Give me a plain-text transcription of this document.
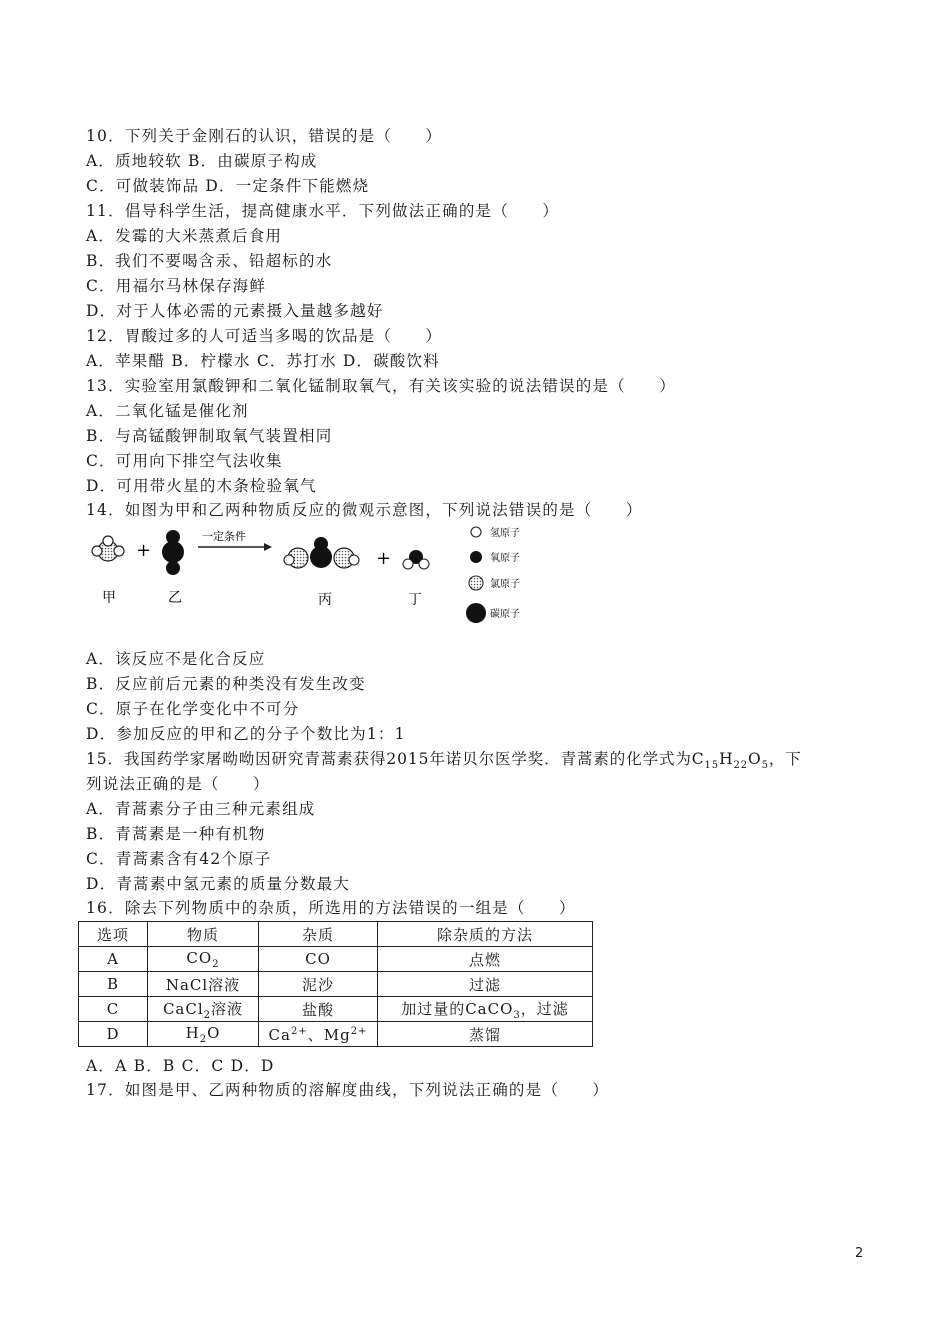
10．下列关于金刚石的认识，错误的是（　　）
A．质地较软 B．由碳原子构成
C．可做装饰品 D．一定条件下能燃烧
11．倡导科学生活，提高健康水平．下列做法正确的是（　　）
A．发霉的大米蒸煮后食用
B．我们不要喝含汞、铅超标的水
C．用福尔马林保存海鲜
D．对于人体必需的元素摄入量越多越好
12．胃酸过多的人可适当多喝的饮品是（　　）
A．苹果醋 B．柠檬水 C．苏打水 D．碳酸饮料
13．实验室用氯酸钾和二氧化锰制取氧气，有关该实验的说法错误的是（　　）
A．二氧化锰是催化剂
B．与高锰酸钾制取氧气装置相同
C．可用向下排空气法收集
D．可用带火星的木条检验氧气
14．如图为甲和乙两种物质反应的微观示意图，下列说法错误的是（　　）
+
一定条件
+
甲	乙	丙	丁
氢原子
氧原子
氯原子
碳原子
A．该反应不是化合反应
B．反应前后元素的种类没有发生改变
C．原子在化学变化中不可分
D．参加反应的甲和乙的分子个数比为1：1
15．我国药学家屠呦呦因研究青蒿素获得2015年诺贝尔医学奖．青蒿素的化学式为$C_{15}H_{22}O_5$，下
列说法正确的是（　　）
A．青蒿素分子由三种元素组成
B．青蒿素是一种有机物
C．青蒿素含有42个原子
D．青蒿素中氢元素的质量分数最大
16．除去下列物质中的杂质，所选用的方法错误的一组是（　　）
选项	物质	杂质	除杂质的方法
A	$CO_2$	CO	点燃
B	NaCl溶液	泥沙	过滤
C	CaCl$_2$溶液	盐酸	加过量的CaCO$_3$，过滤
D	$H_2O$	$Ca^{2+}$、$Mg^{2+}$	蒸馏
A．A B．B C．C D．D
17．如图是甲、乙两种物质的溶解度曲线，下列说法正确的是（　　）
2
